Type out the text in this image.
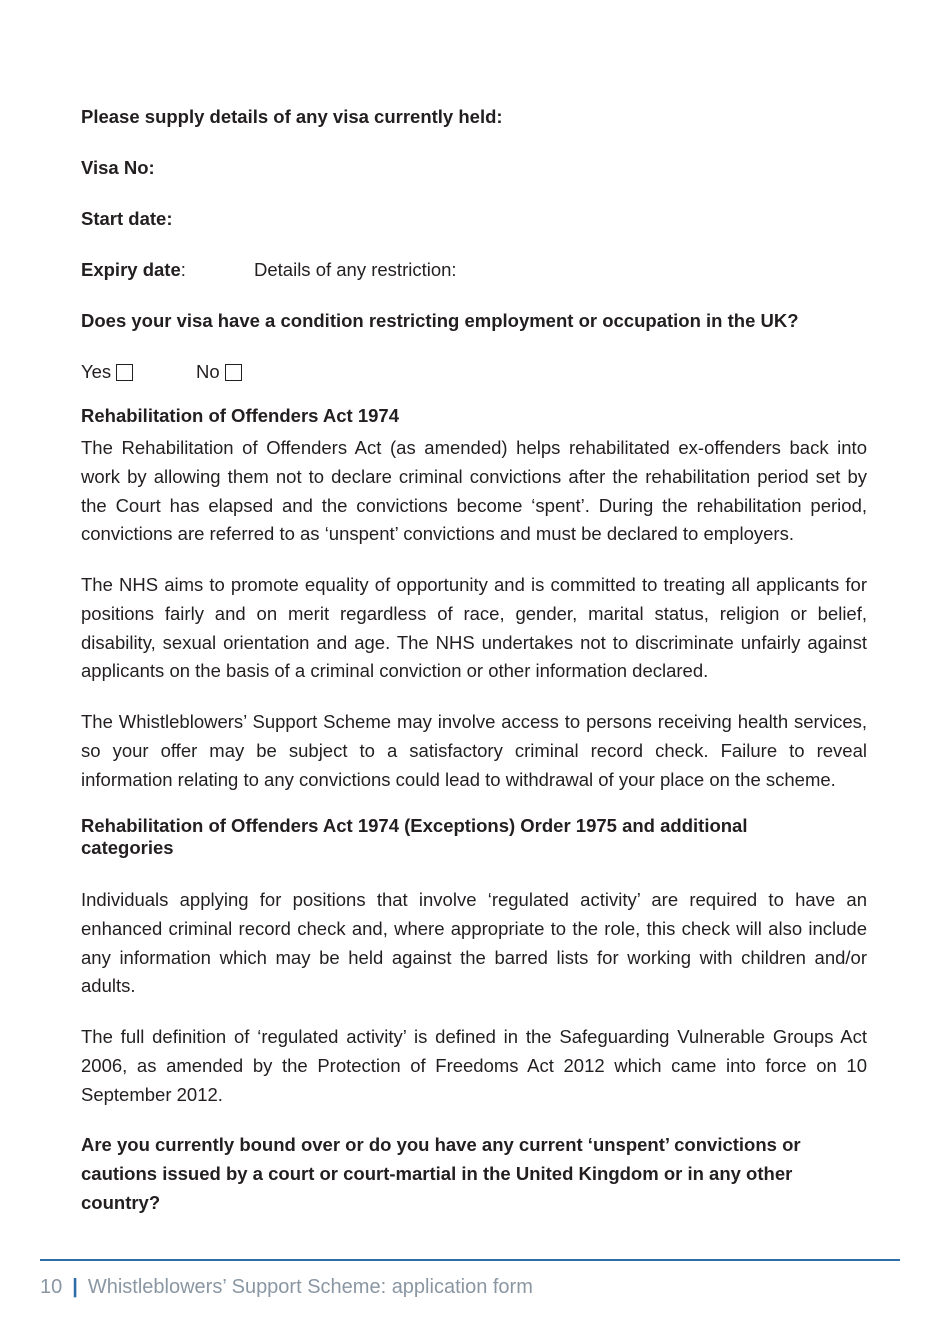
Please supply details of any visa currently held:
Visa No:
Start date:
Expiry date:	Details of any restriction:
Does your visa have a condition restricting employment or occupation in the UK?
Yes	No

Rehabilitation of Offenders Act 1974

The Rehabilitation of Offenders Act (as amended) helps rehabilitated ex-offenders back into work by allowing them not to declare criminal convictions after the rehabilitation period set by the Court has elapsed and the convictions become ‘spent’. During the rehabilitation period, convictions are referred to as ‘unspent’ convictions and must be declared to employers.

The NHS aims to promote equality of opportunity and is committed to treating all applicants for positions fairly and on merit regardless of race, gender, marital status, religion or belief, disability, sexual orientation and age. The NHS undertakes not to discriminate unfairly against applicants on the basis of a criminal conviction or other information declared.

The Whistleblowers’ Support Scheme may involve access to persons receiving health services, so your offer may be subject to a satisfactory criminal record check. Failure to reveal information relating to any convictions could lead to withdrawal of your place on the scheme.

Rehabilitation of Offenders Act 1974 (Exceptions) Order 1975 and additional categories

Individuals applying for positions that involve ‘regulated activity’ are required to have an enhanced criminal record check and, where appropriate to the role, this check will also include any information which may be held against the barred lists for working with children and/or adults.

The full definition of ‘regulated activity’ is defined in the Safeguarding Vulnerable Groups Act 2006, as amended by the Protection of Freedoms Act 2012 which came into force on 10 September 2012.

Are you currently bound over or do you have any current ‘unspent’ convictions or cautions issued by a court or court-martial in the United Kingdom or in any other country?

10 | Whistleblowers’ Support Scheme: application form
